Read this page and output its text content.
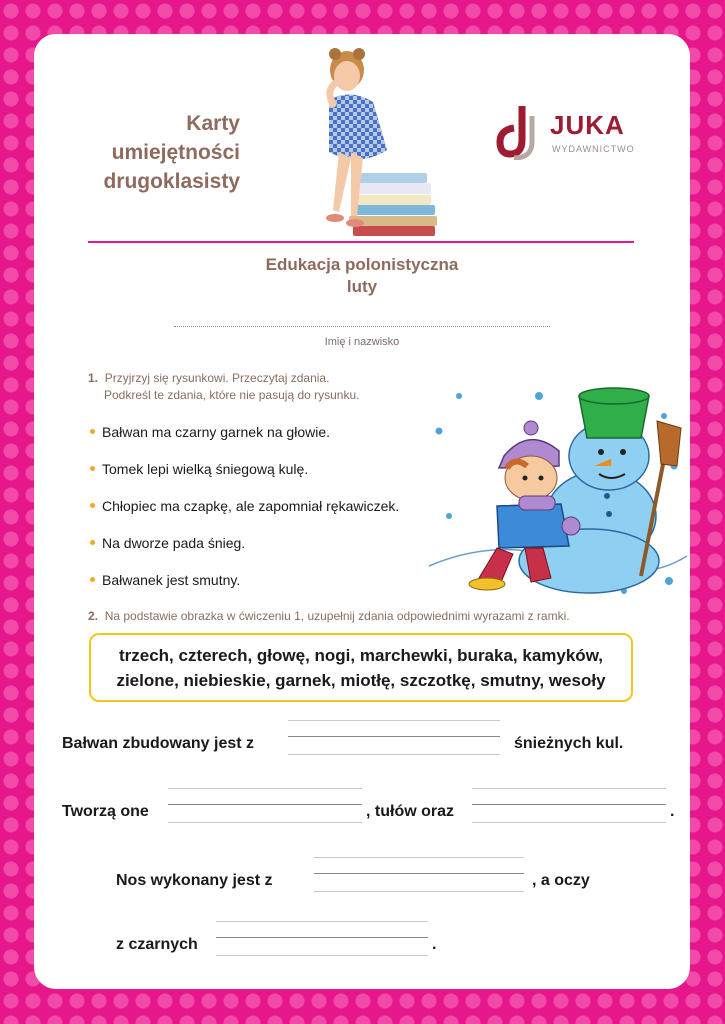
Karty
umiejętności
drugoklasisty
JUKA
WYDAWNICTWO
Edukacja polonistyczna
luty
Imię i nazwisko
1. Przyjrzyj się rysunkowi. Przeczytaj zdania.
Podkreśl te zdania, które nie pasują do rysunku.
Bałwan ma czarny garnek na głowie.
Tomek lepi wielką śniegową kulę.
Chłopiec ma czapkę, ale zapomniał rękawiczek.
Na dworze pada śnieg.
Bałwanek jest smutny.
2. Na podstawie obrazka w ćwiczeniu 1, uzupełnij zdania odpowiednimi wyrazami z ramki.
trzech, czterech, głowę, nogi, marchewki, buraka, kamyków,
zielone, niebieskie, garnek, miotłę, szczotkę, smutny, wesoły
Bałwan zbudowany jest z	śnieżnych kul.
Tworzą one	, tułów oraz	.
Nos wykonany jest z	, a oczy
z czarnych	.
